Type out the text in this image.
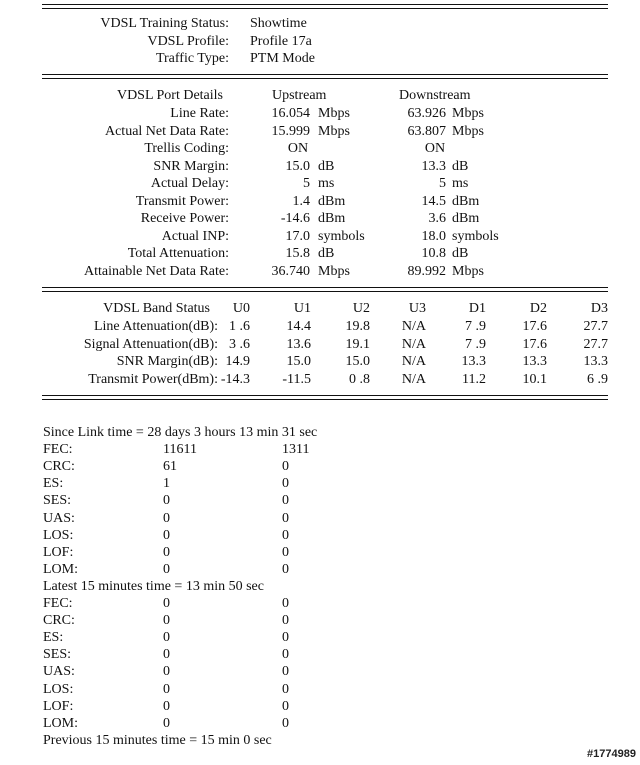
VDSL Training Status: Showtime
VDSL Profile: Profile 17a
Traffic Type: PTM Mode
VDSL Port Details	Upstream	Downstream
Line Rate:	16.054 Mbps	63.926 Mbps
Actual Net Data Rate:	15.999 Mbps	63.807 Mbps
Trellis Coding:	ON	ON
SNR Margin:	15.0 dB	13.3 dB
Actual Delay:	5 ms	5 ms
Transmit Power:	1.4 dBm	14.5 dBm
Receive Power:	-14.6 dBm	3.6 dBm
Actual INP:	17.0 symbols	18.0 symbols
Total Attenuation:	15.8 dB	10.8 dB
Attainable Net Data Rate:	36.740 Mbps	89.992 Mbps
VDSL Band Status	U0	U1	U2	U3	D1	D2	D3
Line Attenuation(dB): 1 .6	14.4	19.8	N/A	7 .9	17.6	27.7
Signal Attenuation(dB): 3 .6	13.6	19.1	N/A	7 .9	17.6	27.7
SNR Margin(dB): 14.9	15.0	15.0	N/A	13.3	13.3	13.3
Transmit Power(dBm): -14.3	-11.5	0 .8	N/A	11.2	10.1	6 .9
Since Link time = 28 days 3 hours 13 min 31 sec
FEC:	11611	1311
CRC:	61	0
ES:	1	0
SES:	0	0
UAS:	0	0
LOS:	0	0
LOF:	0	0
LOM:	0	0
Latest 15 minutes time = 13 min 50 sec
FEC:	0	0
CRC:	0	0
ES:	0	0
SES:	0	0
UAS:	0	0
LOS:	0	0
LOF:	0	0
LOM:	0	0
Previous 15 minutes time = 15 min 0 sec
#1774989
